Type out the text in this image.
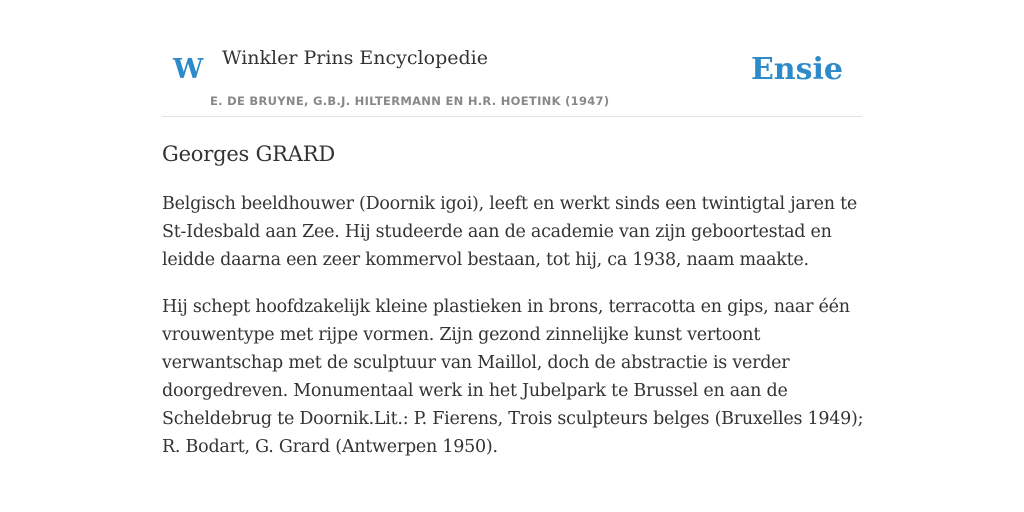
W Winkler Prins Encyclopedie
E. DE BRUYNE, G.B.J. HILTERMANN EN H.R. HOETINK (1947)
Ensie
Georges GRARD

Belgisch beeldhouwer (Doornik igoi), leeft en werkt sinds een twintigtal jaren te St-Idesbald aan Zee. Hij studeerde aan de academie van zijn geboortestad en leidde daarna een zeer kommervol bestaan, tot hij, ca 1938, naam maakte.

Hij schept hoofdzakelijk kleine plastieken in brons, terracotta en gips, naar één vrouwentype met rijpe vormen. Zijn gezond zinnelijke kunst vertoont verwantschap met de sculptuur van Maillol, doch de abstractie is verder doorgedreven. Monumentaal werk in het Jubelpark te Brussel en aan de Scheldebrug te Doornik.Lit.: P. Fierens, Trois sculpteurs belges (Bruxelles 1949); R. Bodart, G. Grard (Antwerpen 1950).
